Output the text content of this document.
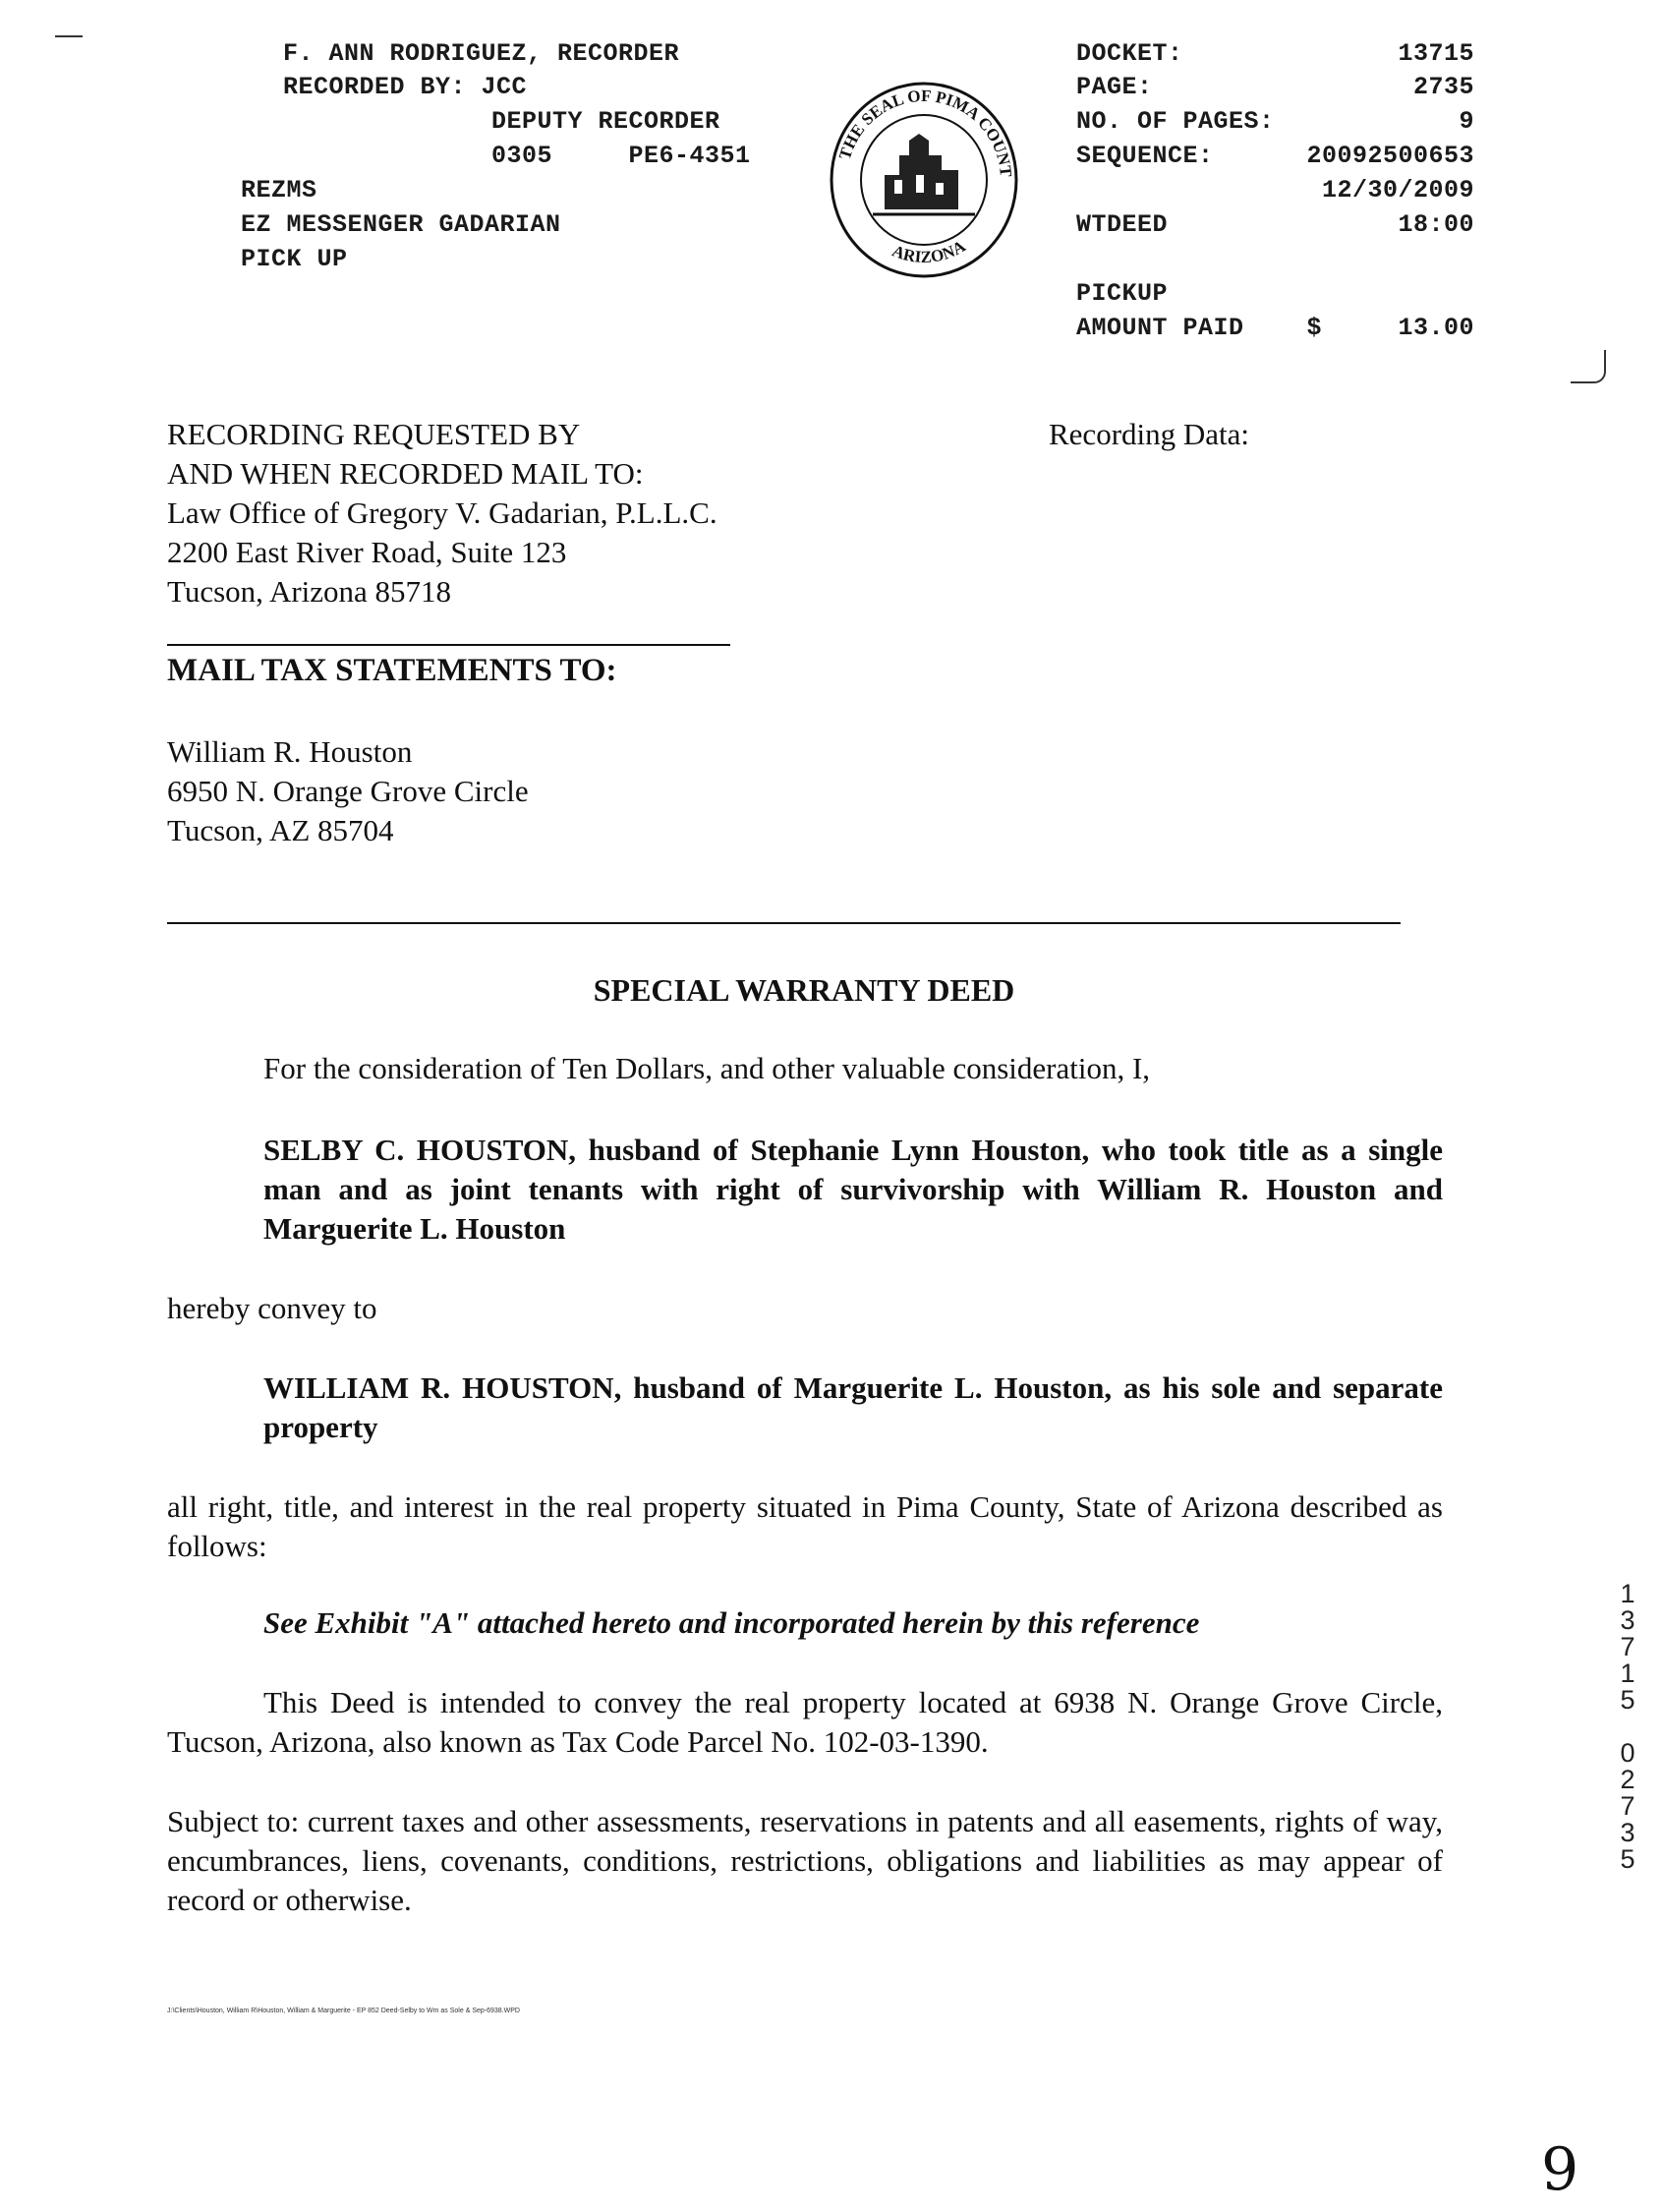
F. ANN RODRIGUEZ, RECORDER
RECORDED BY: JCC
DEPUTY RECORDER
0305     PE6-4351
REZMS
EZ MESSENGER GADARIAN
PICK UP
THE SEAL OF PIMA COUNT
ARIZONA
DOCKET:	13715
PAGE:	2735
NO. OF PAGES:	9
SEQUENCE:	20092500653
12/30/2009
WTDEED	18:00
PICKUP
AMOUNT PAID	$     13.00
RECORDING REQUESTED BY
AND WHEN RECORDED MAIL TO:
Law Office of Gregory V. Gadarian, P.L.L.C.
2200 East River Road, Suite 123
Tucson, Arizona 85718
Recording Data:
MAIL TAX STATEMENTS TO:
William R. Houston
6950 N. Orange Grove Circle
Tucson, AZ 85704
SPECIAL WARRANTY DEED
For the consideration of Ten Dollars, and other valuable consideration, I,
SELBY C. HOUSTON, husband of Stephanie Lynn Houston, who took title as a single man and as joint tenants with right of survivorship with William R. Houston and Marguerite L. Houston
hereby convey to
WILLIAM R. HOUSTON, husband of Marguerite L. Houston, as his sole and separate property
all right, title, and interest in the real property situated in Pima County, State of Arizona described as follows:
See Exhibit "A" attached hereto and incorporated herein by this reference
This Deed is intended to convey the real property located at 6938 N. Orange Grove Circle, Tucson, Arizona, also known as Tax Code Parcel No. 102-03-1390.
Subject to: current taxes and other assessments, reservations in patents and all easements, rights of way, encumbrances, liens, covenants, conditions, restrictions, obligations and liabilities as may appear of record or otherwise.
1
3
7
1
5

0
2
7
3
5
J:\Clients\Houston, William R\Houston, William & Marguerite - EP 852 Deed-Selby to Wm as Sole & Sep-6938.WPD
9
